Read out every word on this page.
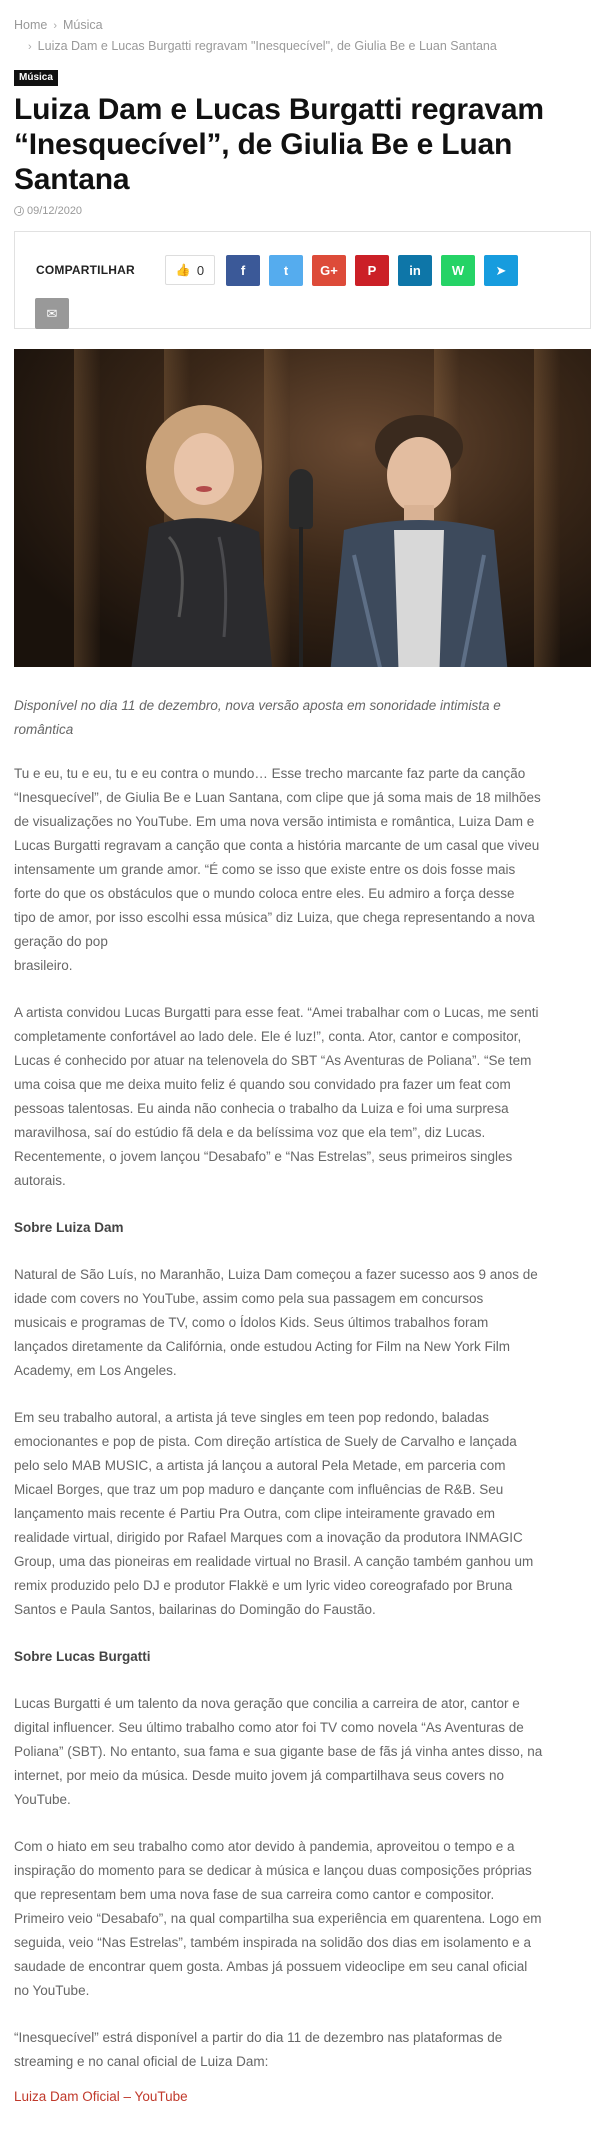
Home › Música
› Luiza Dam e Lucas Burgatti regravam "Inesquecível", de Giulia Be e Luan Santana
Música
Luiza Dam e Lucas Burgatti regravam
“Inesquecível”, de Giulia Be e Luan
Santana
09/12/2020
COMPARTILHAR	👍 0	f	t G+ P	in W ➤
✉

Disponível no dia 11 de dezembro, nova versão aposta em sonoridade intimista e
romântica

Tu e eu, tu e eu, tu e eu contra o mundo… Esse trecho marcante faz parte da canção
“Inesquecível”, de Giulia Be e Luan Santana, com clipe que já soma mais de 18 milhões
de visualizações no YouTube. Em uma nova versão intimista e romântica, Luiza Dam e
Lucas Burgatti regravam a canção que conta a história marcante de um casal que viveu
intensamente um grande amor. “É como se isso que existe entre os dois fosse mais
forte do que os obstáculos que o mundo coloca entre eles. Eu admiro a força desse
tipo de amor, por isso escolhi essa música” diz Luiza, que chega representando a nova
geração do pop
brasileiro.

A artista convidou Lucas Burgatti para esse feat. “Amei trabalhar com o Lucas, me senti
completamente confortável ao lado dele. Ele é luz!”, conta. Ator, cantor e compositor,
Lucas é conhecido por atuar na telenovela do SBT “As Aventuras de Poliana”. “Se tem
uma coisa que me deixa muito feliz é quando sou convidado pra fazer um feat com
pessoas talentosas. Eu ainda não conhecia o trabalho da Luiza e foi uma surpresa
maravilhosa, saí do estúdio fã dela e da belíssima voz que ela tem”, diz Lucas.
Recentemente, o jovem lançou “Desabafo” e “Nas Estrelas”, seus primeiros singles
autorais.

Sobre Luiza Dam

Natural de São Luís, no Maranhão, Luiza Dam começou a fazer sucesso aos 9 anos de
idade com covers no YouTube, assim como pela sua passagem em concursos
musicais e programas de TV, como o Ídolos Kids. Seus últimos trabalhos foram
lançados diretamente da Califórnia, onde estudou Acting for Film na New York Film
Academy, em Los Angeles.

Em seu trabalho autoral, a artista já teve singles em teen pop redondo, baladas
emocionantes e pop de pista. Com direção artística de Suely de Carvalho e lançada
pelo selo MAB MUSIC, a artista já lançou a autoral Pela Metade, em parceria com
Micael Borges, que traz um pop maduro e dançante com influências de R&B. Seu
lançamento mais recente é Partiu Pra Outra, com clipe inteiramente gravado em
realidade virtual, dirigido por Rafael Marques com a inovação da produtora INMAGIC
Group, uma das pioneiras em realidade virtual no Brasil. A canção também ganhou um
remix produzido pelo DJ e produtor Flakkë e um lyric video coreografado por Bruna
Santos e Paula Santos, bailarinas do Domingão do Faustão.

Sobre Lucas Burgatti

Lucas Burgatti é um talento da nova geração que concilia a carreira de ator, cantor e
digital influencer. Seu último trabalho como ator foi TV como novela “As Aventuras de
Poliana” (SBT). No entanto, sua fama e sua gigante base de fãs já vinha antes disso, na
internet, por meio da música. Desde muito jovem já compartilhava seus covers no
YouTube.

Com o hiato em seu trabalho como ator devido à pandemia, aproveitou o tempo e a
inspiração do momento para se dedicar à música e lançou duas composições próprias
que representam bem uma nova fase de sua carreira como cantor e compositor.
Primeiro veio “Desabafo”, na qual compartilha sua experiência em quarentena. Logo em
seguida, veio “Nas Estrelas”, também inspirada na solidão dos dias em isolamento e a
saudade de encontrar quem gosta. Ambas já possuem videoclipe em seu canal oficial
no YouTube.

“Inesquecível” estrá disponível a partir do dia 11 de dezembro nas plataformas de
streaming e no canal oficial de Luiza Dam:

Luiza Dam Oficial – YouTube
